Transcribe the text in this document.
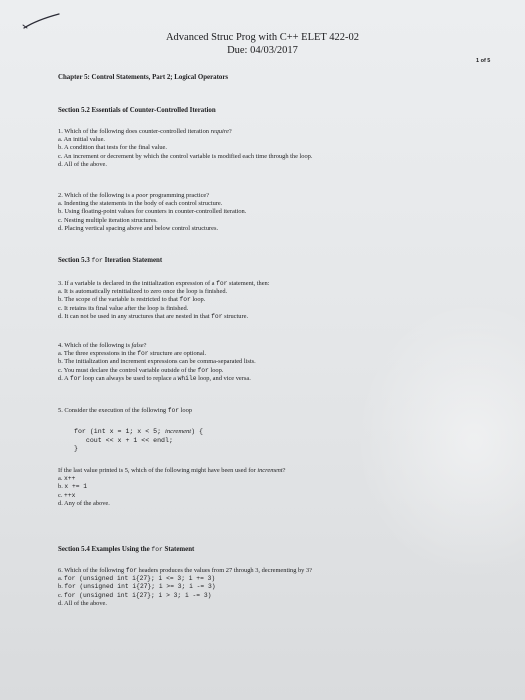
Advanced Struc Prog with C++ ELET 422-02
Due: 04/03/2017
1 of 5
Chapter 5: Control Statements, Part 2; Logical Operators
Section 5.2 Essentials of Counter-Controlled Iteration
1. Which of the following does counter-controlled iteration require?
a. An initial value.
b. A condition that tests for the final value.
c. An increment or decrement by which the control variable is modified each time through the loop.
d. All of the above.
2. Which of the following is a poor programming practice?
a. Indenting the statements in the body of each control structure.
b. Using floating-point values for counters in counter-controlled iteration.
c. Nesting multiple iteration structures.
d. Placing vertical spacing above and below control structures.
Section 5.3 for Iteration Statement
3. If a variable is declared in the initialization expression of a for statement, then:
a. It is automatically reinitialized to zero once the loop is finished.
b. The scope of the variable is restricted to that for loop.
c. It retains its final value after the loop is finished.
d. It can not be used in any structures that are nested in that for structure.
4. Which of the following is false?
a. The three expressions in the for structure are optional.
b. The initialization and increment expressions can be comma-separated lists.
c. You must declare the control variable outside of the for loop.
d. A for loop can always be used to replace a while loop, and vice versa.
5. Consider the execution of the following for loop
for (int x = 1; x < 5; increment) {
cout << x + 1 << endl;
}
If the last value printed is 5, which of the following might have been used for increment?
a. x++
b. x += 1
c. ++x
d. Any of the above.
Section 5.4 Examples Using the for Statement
6. Which of the following for headers produces the values from 27 through 3, decrementing by 3?
a. for (unsigned int i{27}; i <= 3; i += 3)
b. for (unsigned int i{27}; i >= 3; i -= 3)
c. for (unsigned int i{27}; i > 3; i -= 3)
d. All of the above.
